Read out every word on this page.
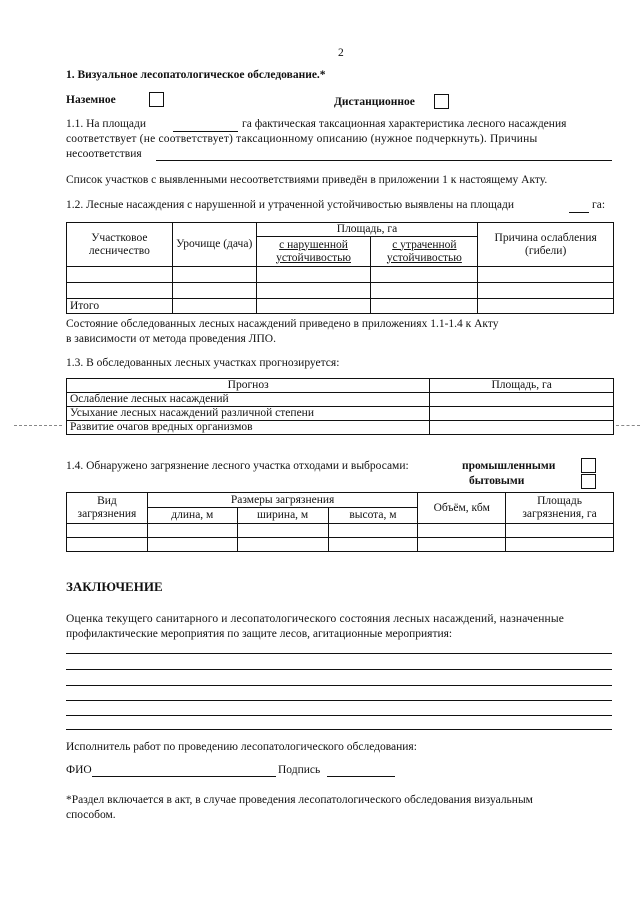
2
1. Визуальное лесопатологическое обследование.*
Наземное	Дистанционное
1.1. На площади	га фактическая таксационная характеристика лесного насаждения
соответствует (не соответствует) таксационному описанию (нужное подчеркнуть). Причины
несоответствия
Список участков с выявленными несоответствиями приведён в приложении 1 к настоящему Акту.
1.2. Лесные насаждения с нарушенной и утраченной устойчивостью выявлены на площади	га:
Участковое лесничество	Урочище (дача)	Площадь, га		Причина ослабления (гибели)
		с нарушенной устойчивостью	с утраченной устойчивостью	

Итого				
Состояние обследованных лесных насаждений приведено в приложениях 1.1-1.4 к Акту
в зависимости от метода проведения ЛПО.
1.3. В обследованных лесных участках прогнозируется:
Прогноз	Площадь, га
Ослабление лесных насаждений	
Усыхание лесных насаждений различной степени	
Развитие очагов вредных организмов	
1.4. Обнаружено загрязнение лесного участка отходами и выбросами:	промышленными
бытовыми
Вид загрязнения	Размеры загрязнения			Объём, кбм	Площадь загрязнения, га
	длина, м	ширина, м	высота, м		

ЗАКЛЮЧЕНИЕ
Оценка текущего санитарного и лесопатологического состояния лесных насаждений, назначенные
профилактические мероприятия по защите лесов, агитационные мероприятия:
Исполнитель работ по проведению лесопатологического обследования:
ФИО	Подпись
*Раздел включается в акт, в случае проведения лесопатологического обследования визуальным
способом.
